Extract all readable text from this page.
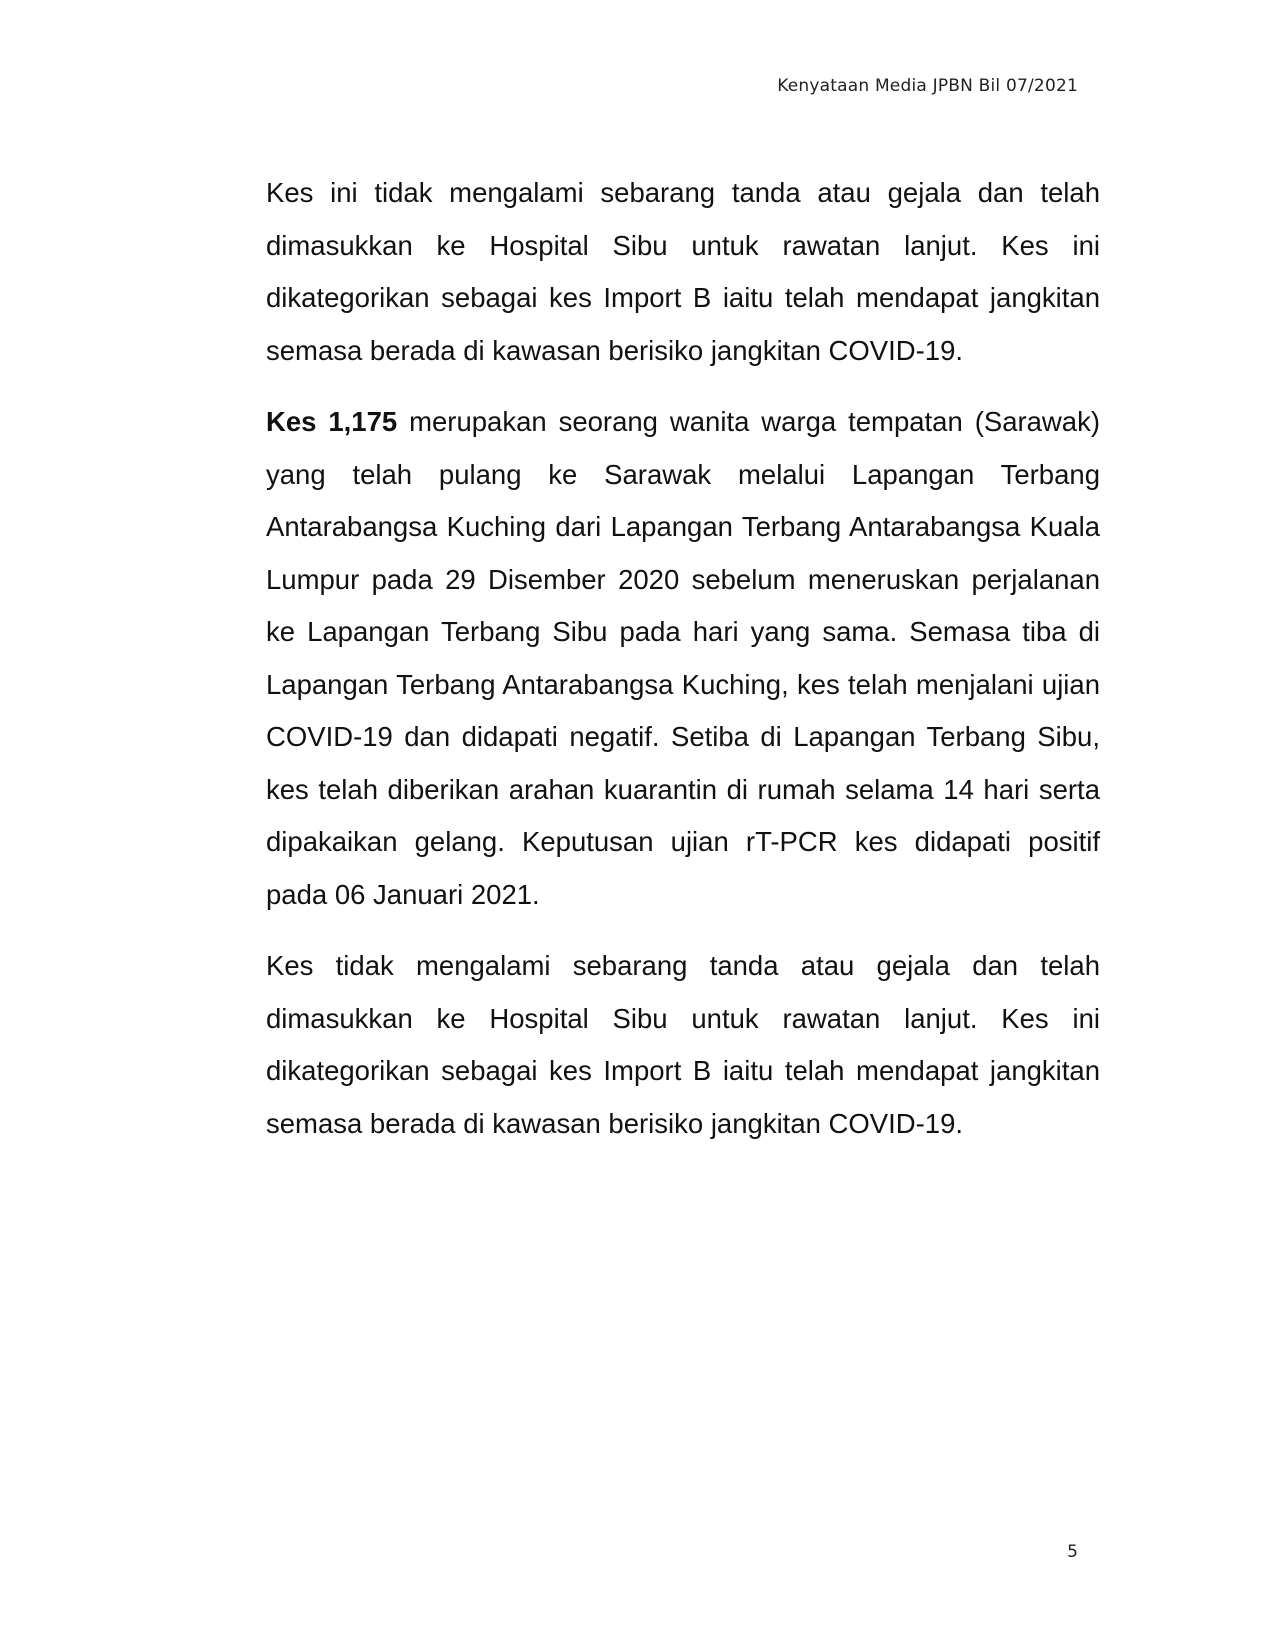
Kenyataan Media JPBN Bil 07/2021

Kes ini tidak mengalami sebarang tanda atau gejala dan telah dimasukkan ke Hospital Sibu untuk rawatan lanjut. Kes ini dikategorikan sebagai kes Import B iaitu telah mendapat jangkitan semasa berada di kawasan berisiko jangkitan COVID-19.

Kes 1,175 merupakan seorang wanita warga tempatan (Sarawak) yang telah pulang ke Sarawak melalui Lapangan Terbang Antarabangsa Kuching dari Lapangan Terbang Antarabangsa Kuala Lumpur pada 29 Disember 2020 sebelum meneruskan perjalanan ke Lapangan Terbang Sibu pada hari yang sama. Semasa tiba di Lapangan Terbang Antarabangsa Kuching, kes telah menjalani ujian COVID-19 dan didapati negatif. Setiba di Lapangan Terbang Sibu, kes telah diberikan arahan kuarantin di rumah selama 14 hari serta dipakaikan gelang. Keputusan ujian rT-PCR kes didapati positif pada 06 Januari 2021.

Kes tidak mengalami sebarang tanda atau gejala dan telah dimasukkan ke Hospital Sibu untuk rawatan lanjut. Kes ini dikategorikan sebagai kes Import B iaitu telah mendapat jangkitan semasa berada di kawasan berisiko jangkitan COVID-19.

5
